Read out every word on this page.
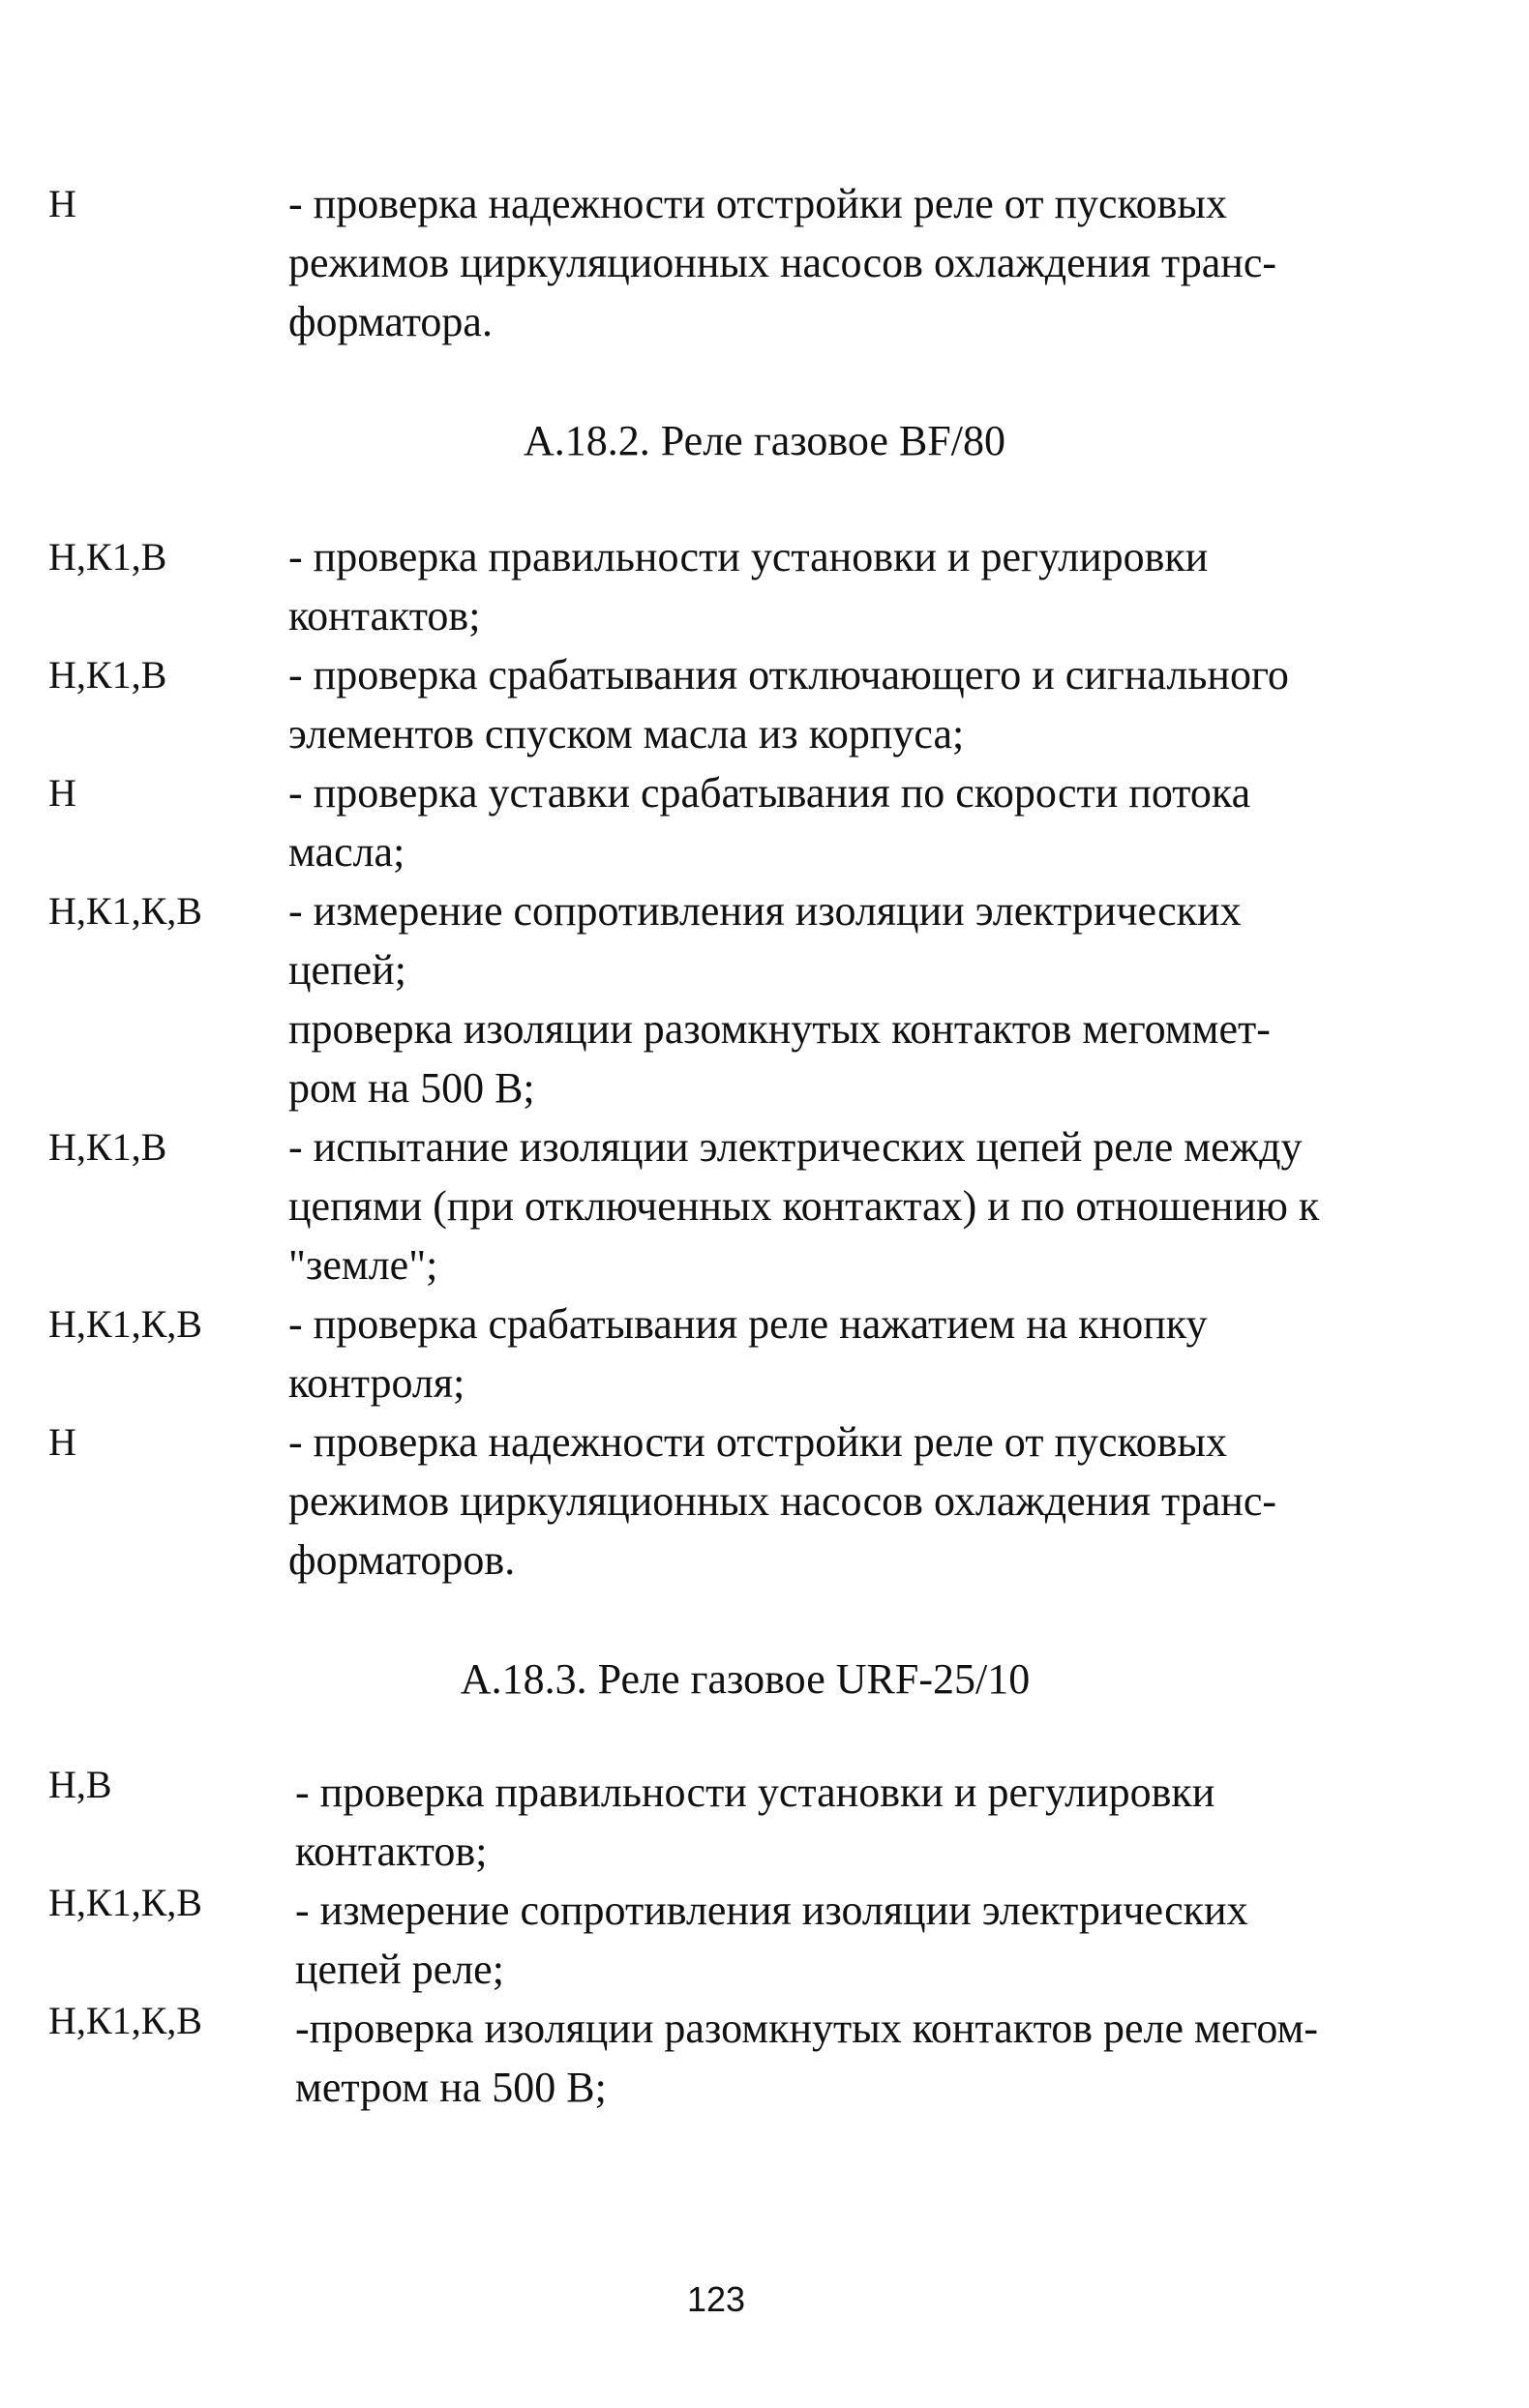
Н	- проверка надежности отстройки реле от пусковых
режимов циркуляционных насосов охлаждения транс-
форматора.
А.18.2. Реле газовое BF/80
Н,К1,В	- проверка правильности установки и регулировки
контактов;
Н,К1,В	- проверка срабатывания отключающего и сигнального
элементов спуском масла из корпуса;
Н	- проверка уставки срабатывания по скорости потока
масла;
Н,К1,К,В - измерение сопротивления изоляции электрических
цепей;
проверка изоляции разомкнутых контактов мегоммет-
ром на 500 В;
Н,К1,В	- испытание изоляции электрических цепей реле между
цепями (при отключенных контактах) и по отношению к
"земле";
Н,К1,К,В - проверка срабатывания реле нажатием на кнопку
контроля;
Н	- проверка надежности отстройки реле от пусковых
режимов циркуляционных насосов охлаждения транс-
форматоров.
А.18.3. Реле газовое URF-25/10
Н,В	- проверка правильности установки и регулировки
контактов;
Н,К1,К,В - измерение сопротивления изоляции электрических
цепей реле;
Н,К1,К,В -проверка изоляции разомкнутых контактов реле мегом-
метром на 500 В;
123
